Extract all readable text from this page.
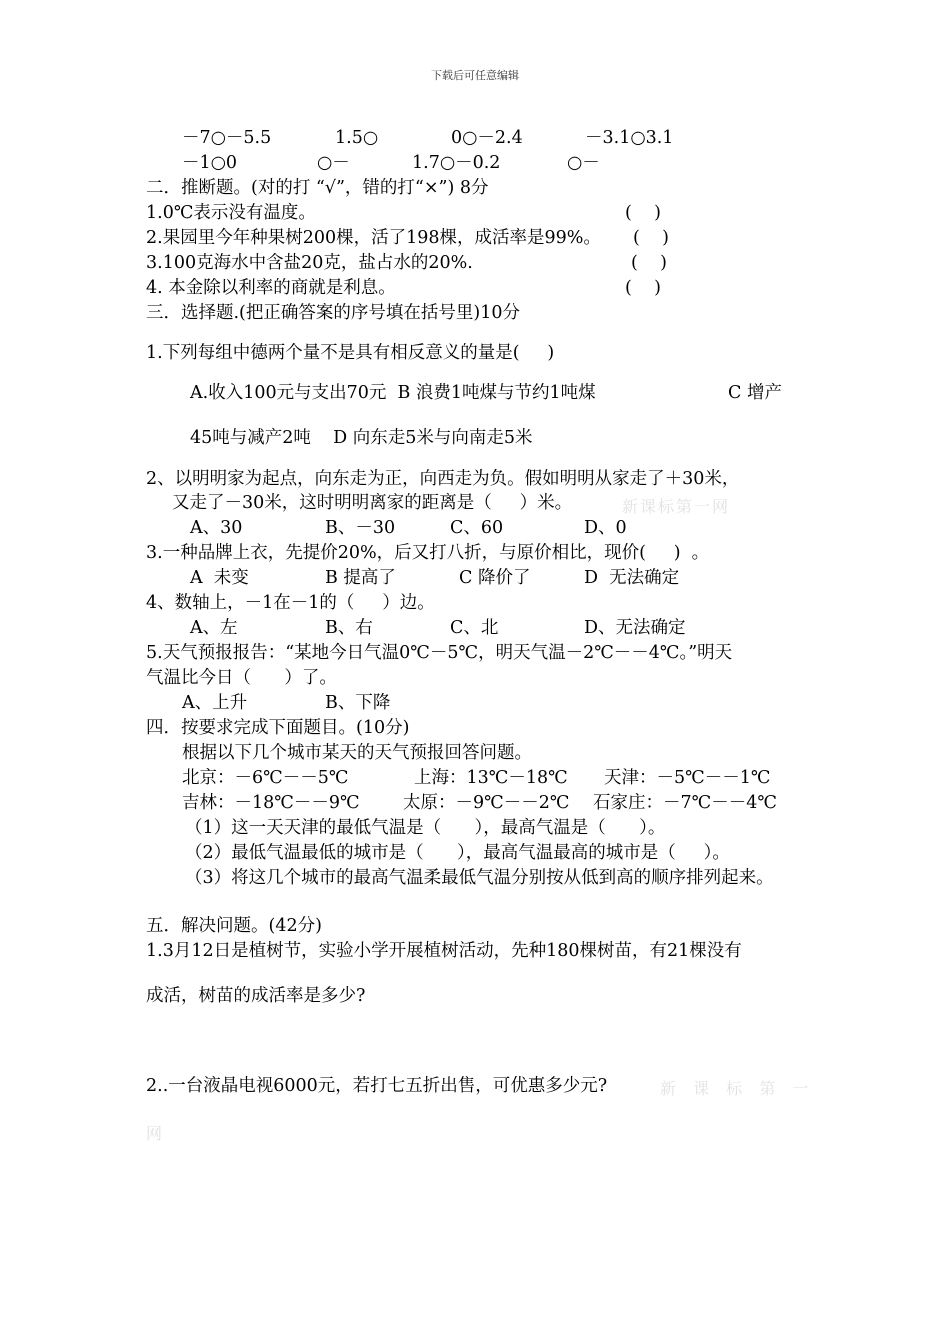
下载后可任意编辑
－7○－5.5	1.5○	0○－2.4	－3.1○3.1
－1○0	○－	1.7○－0.2	○－
二．推断题。(对的打 “√”，错的打“×”) 8分
1.0℃表示没有温度。	(    )
2.果园里今年种果树200棵，活了198棵，成活率是99%。 (    )
3.100克海水中含盐20克，盐占水的20%.	(    )
4. 本金除以利率的商就是利息。	(    )
三．选择题.(把正确答案的序号填在括号里)10分
1.下列每组中德两个量不是具有相反意义的量是(     )
A.收入100元与支出70元  B 浪费1吨煤与节约1吨煤	C 增产
45吨与减产2吨    D 向东走5米与向南走5米
2、以明明家为起点，向东走为正，向西走为负。假如明明从家走了＋30米，
又走了－30米，这时明明离家的距离是（     ）米。	新课标第一网
A、30	B、－30	C、60	D、0
3.一种品牌上衣，先提价20%，后又打八折，与原价相比，现价(     )  。
A  未变	B 提高了	C 降价了	D  无法确定
4、数轴上，－1在－1的（     ）边。
A、左	B、右	C、北	D、无法确定
5.天气预报报告：“某地今日气温0℃－5℃，明天气温－2℃－－4℃。”明天
气温比今日（      ）了。
A、上升	B、下降
四．按要求完成下面题目。(10分)
根据以下几个城市某天的天气预报回答问题。
北京：－6℃－－5℃	上海：13℃－18℃ 天津：－5℃－－1℃
吉林：－18℃－－9℃ 太原：－9℃－－2℃ 石家庄：－7℃－－4℃
（1）这一天天津的最低气温是（      ），最高气温是（      ）。
（2）最低气温最低的城市是（      ），最高气温最高的城市是（     ）。
（3）将这几个城市的最高气温柔最低气温分别按从低到高的顺序排列起来。
五．解决问题。(42分)
1.3月12日是植树节，实验小学开展植树活动，先种180棵树苗，有21棵没有
成活，树苗的成活率是多少?
2..一台液晶电视6000元，若打七五折出售，可优惠多少元?	新 课 标 第 一
网
